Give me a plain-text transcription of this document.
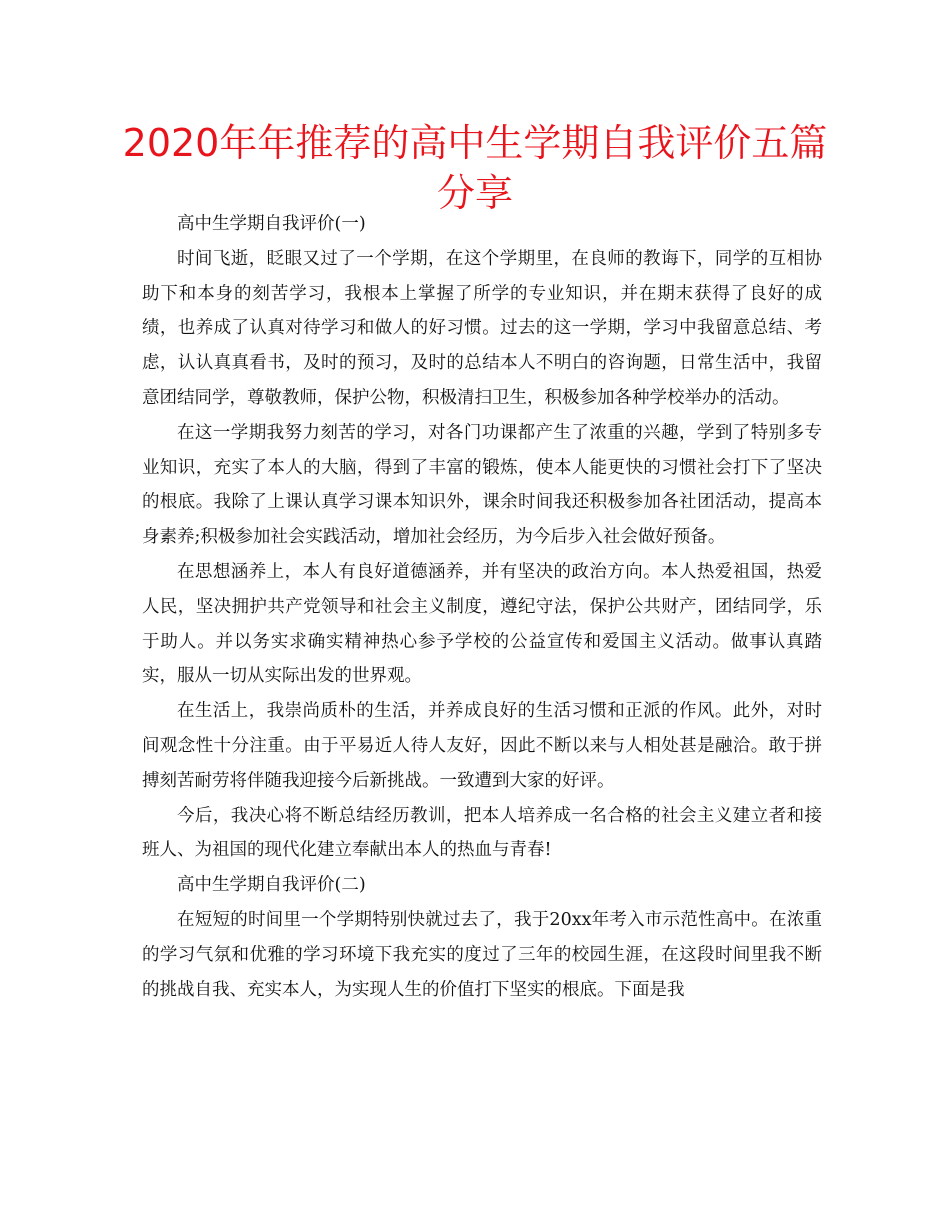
2020年年推荐的高中生学期自我评价五篇分享

高中生学期自我评价(一)

时间飞逝，眨眼又过了一个学期，在这个学期里，在良师的教诲下，同学的互相协助下和本身的刻苦学习，我根本上掌握了所学的专业知识，并在期末获得了良好的成绩，也养成了认真对待学习和做人的好习惯。过去的这一学期，学习中我留意总结、考虑，认认真真看书，及时的预习，及时的总结本人不明白的咨询题，日常生活中，我留意团结同学，尊敬教师，保护公物，积极清扫卫生，积极参加各种学校举办的活动。

在这一学期我努力刻苦的学习，对各门功课都产生了浓重的兴趣，学到了特别多专业知识，充实了本人的大脑，得到了丰富的锻炼，使本人能更快的习惯社会打下了坚决的根底。我除了上课认真学习课本知识外，课余时间我还积极参加各社团活动，提高本身素养;积极参加社会实践活动，增加社会经历，为今后步入社会做好预备。

在思想涵养上，本人有良好道德涵养，并有坚决的政治方向。本人热爱祖国，热爱人民，坚决拥护共产党领导和社会主义制度，遵纪守法，保护公共财产，团结同学，乐于助人。并以务实求确实精神热心参予学校的公益宣传和爱国主义活动。做事认真踏实，服从一切从实际出发的世界观。

在生活上，我崇尚质朴的生活，并养成良好的生活习惯和正派的作风。此外，对时间观念性十分注重。由于平易近人待人友好，因此不断以来与人相处甚是融洽。敢于拼搏刻苦耐劳将伴随我迎接今后新挑战。一致遭到大家的好评。

今后，我决心将不断总结经历教训，把本人培养成一名合格的社会主义建立者和接班人、为祖国的现代化建立奉献出本人的热血与青春!

高中生学期自我评价(二)

在短短的时间里一个学期特别快就过去了，我于20xx年考入市示范性高中。在浓重的学习气氛和优雅的学习环境下我充实的度过了三年的校园生涯，在这段时间里我不断的挑战自我、充实本人，为实现人生的价值打下坚实的根底。下面是我
